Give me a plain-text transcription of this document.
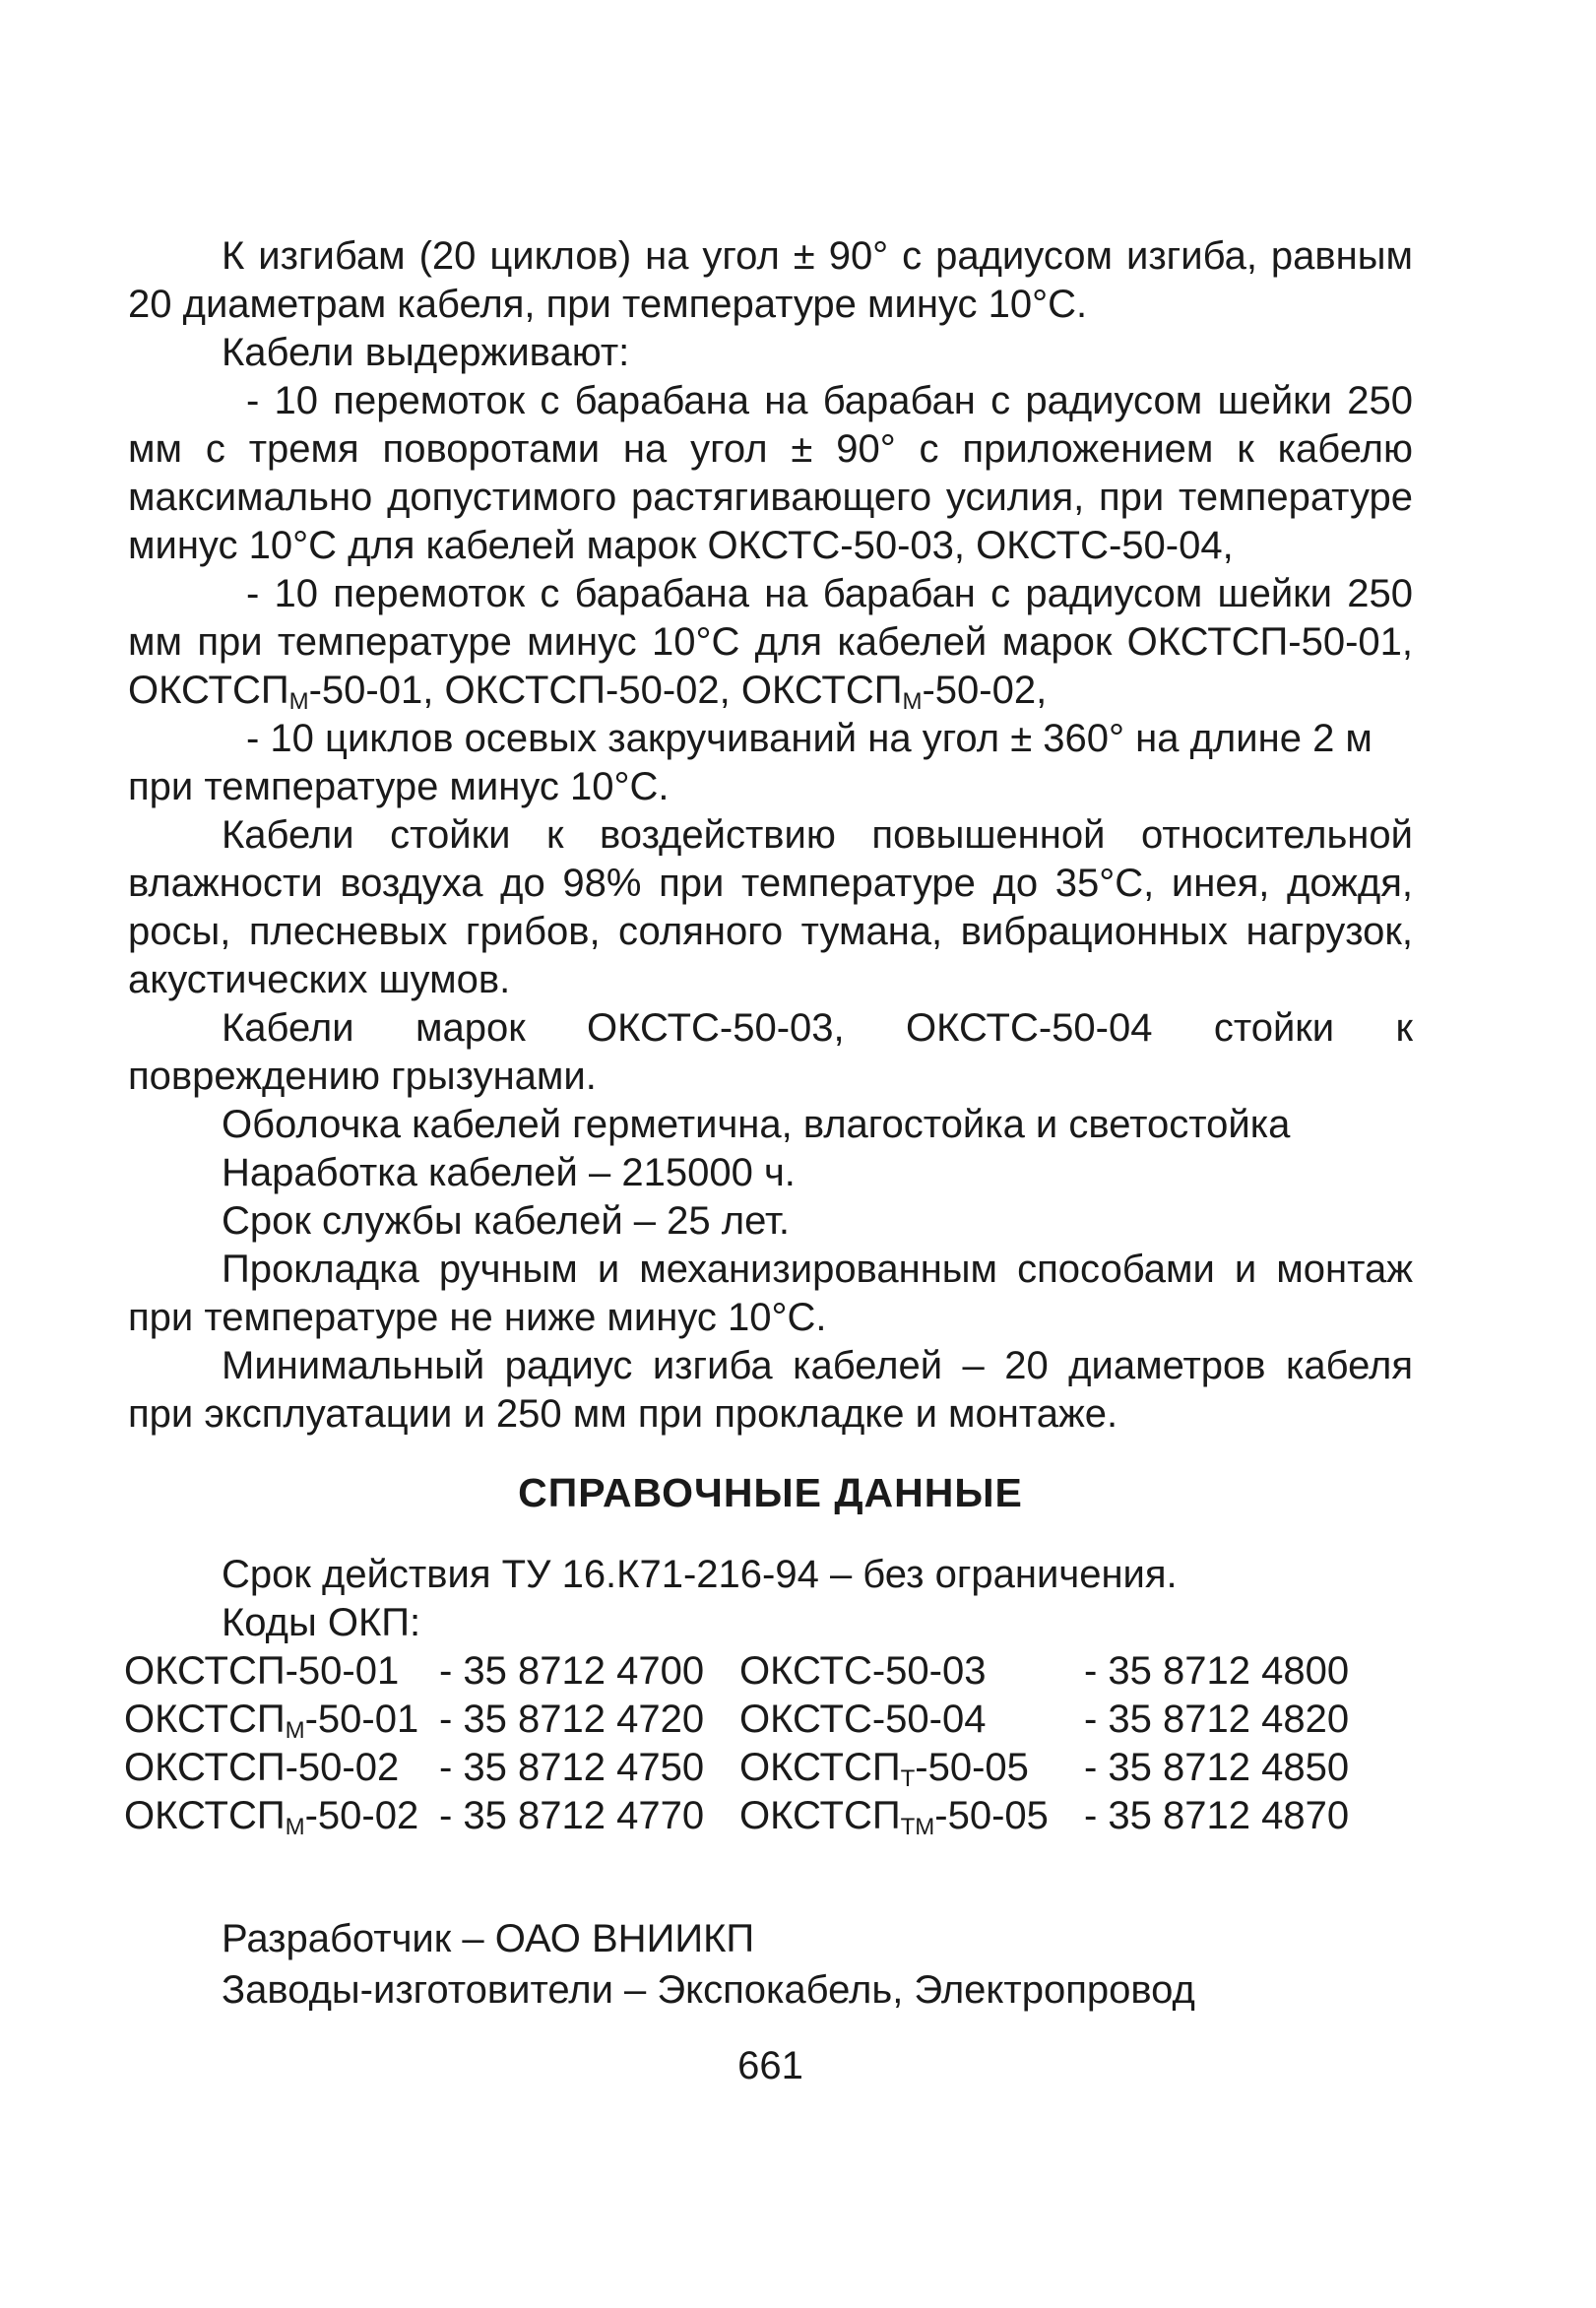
К изгибам (20 циклов) на угол ± 90° с радиусом изгиба, равным 20 диаметрам кабеля, при температуре минус 10°С.

Кабели выдерживают:

- 10 перемоток с барабана на барабан с радиусом шейки 250 мм с тремя поворотами на угол ± 90° с приложением к кабелю максимально допустимого растягивающего усилия, при температуре минус 10°С для кабелей марок ОКСТС-50-03, ОКСТС-50-04,

- 10 перемоток с барабана на барабан с радиусом шейки 250 мм при температуре минус 10°С для кабелей марок ОКСТСП-50-01, $ОКСТСП_М-50-01$, ОКСТСП-50-02, $ОКСТСП_М-50-02$,

- 10 циклов осевых закручиваний на угол ± 360° на длине 2 м при температуре минус 10°С.

Кабели стойки к воздействию повышенной относительной влажности воздуха до 98% при температуре до 35°С, инея, дождя, росы, плесневых грибов, соляного тумана, вибрационных нагрузок, акустических шумов.

Кабели марок ОКСТС-50-03, ОКСТС-50-04 стойки к повреждению грызунами.

Оболочка кабелей герметична, влагостойка и светостойка

Наработка кабелей – 215000 ч.

Срок службы кабелей – 25 лет.

Прокладка ручным и механизированным способами и монтаж при температуре не ниже минус 10°С.

Минимальный радиус изгиба кабелей – 20 диаметров кабеля при эксплуатации и 250 мм при прокладке и монтаже.

СПРАВОЧНЫЕ ДАННЫЕ

Срок действия ТУ 16.К71-216-94 – без ограничения.

Коды ОКП:

ОКСТСП-50-01	- 35 8712 4700	ОКСТС-50-03	- 35 8712 4800
$ОКСТСП_М-50-01$	- 35 8712 4720	ОКСТС-50-04	- 35 8712 4820
ОКСТСП-50-02	- 35 8712 4750	$ОКСТСП_Т-50-05$	- 35 8712 4850
$ОКСТСП_М-50-02$	- 35 8712 4770	$ОКСТСП_{ТМ}-50-05$	- 35 8712 4870
Разработчик – ОАО ВНИИКП
Заводы-изготовители – Экспокабель, Электропровод
661
